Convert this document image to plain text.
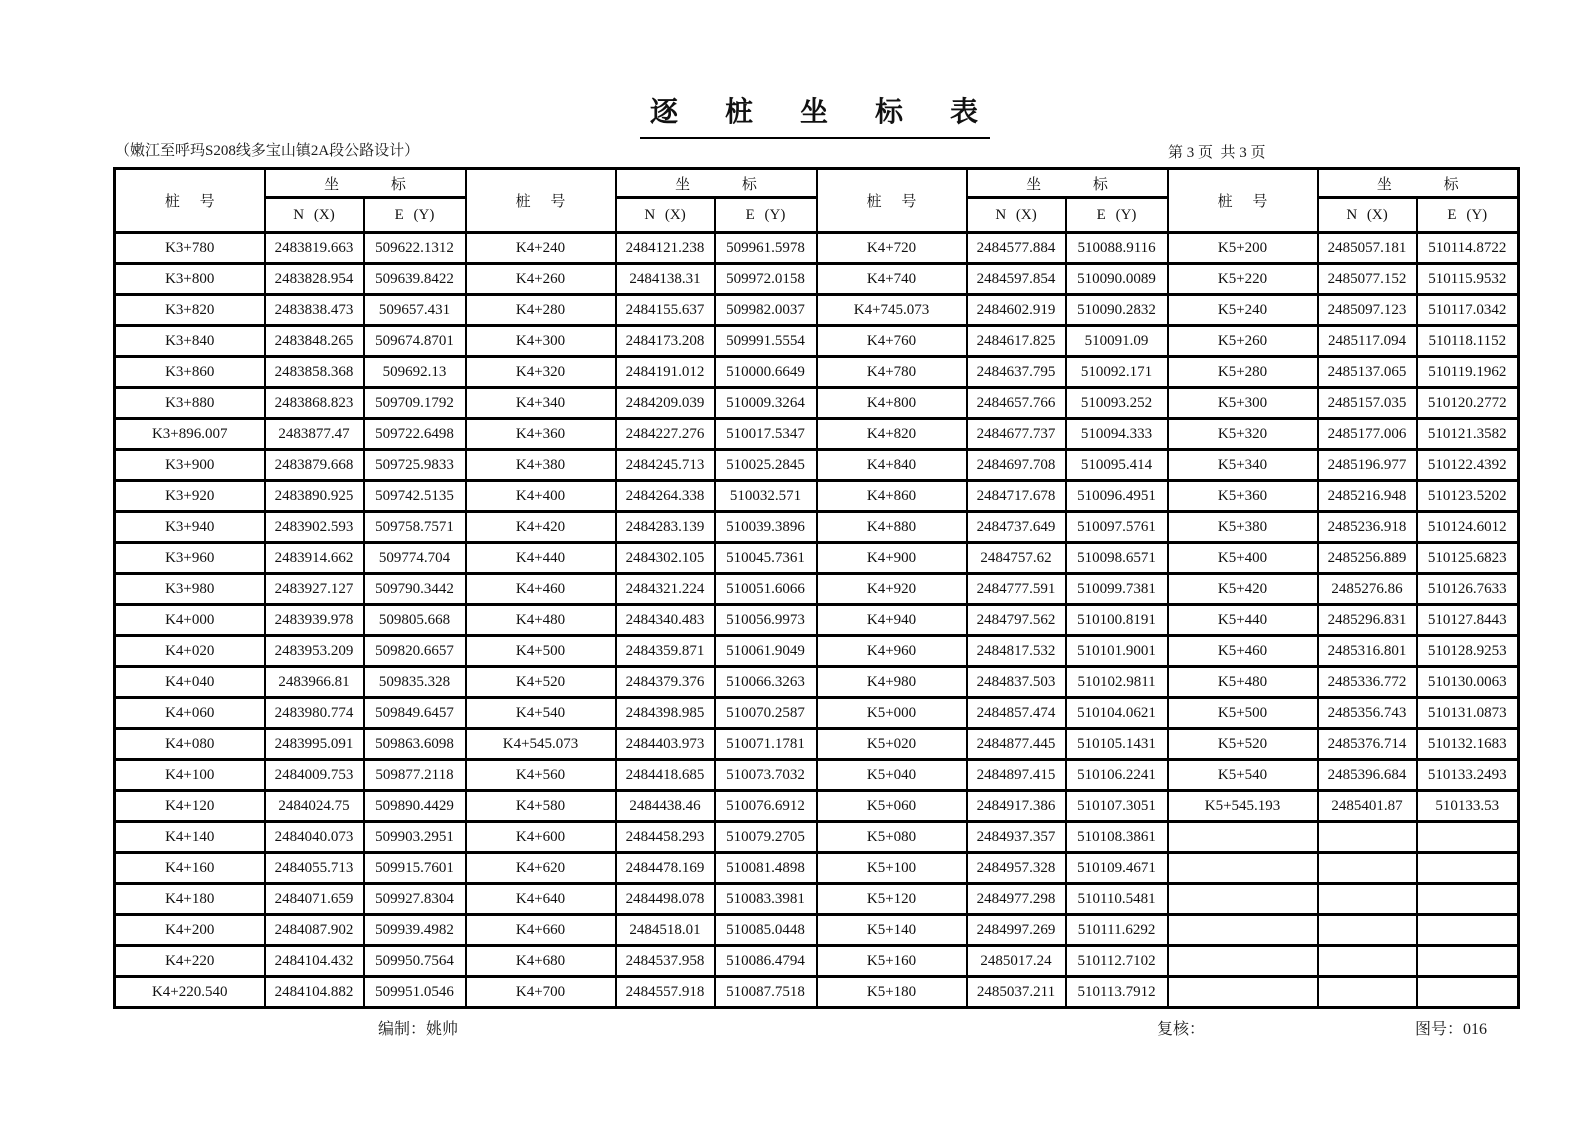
逐 桩 坐 标 表
（嫩江至呼玛S208线多宝山镇2A段公路设计）	第 3 页  共 3 页
桩 号	坐 标		桩 号	坐 标		桩 号	坐 标		桩 号	坐 标	
	N (X)	E (Y)		N (X)	E (Y)		N (X)	E (Y)		N (X)	E (Y)
K3+780	2483819.663	509622.1312	K4+240	2484121.238	509961.5978	K4+720	2484577.884	510088.9116	K5+200	2485057.181	510114.8722
K3+800	2483828.954	509639.8422	K4+260	2484138.31	509972.0158	K4+740	2484597.854	510090.0089	K5+220	2485077.152	510115.9532
K3+820	2483838.473	509657.431	K4+280	2484155.637	509982.0037	K4+745.073	2484602.919	510090.2832	K5+240	2485097.123	510117.0342
K3+840	2483848.265	509674.8701	K4+300	2484173.208	509991.5554	K4+760	2484617.825	510091.09	K5+260	2485117.094	510118.1152
K3+860	2483858.368	509692.13	K4+320	2484191.012	510000.6649	K4+780	2484637.795	510092.171	K5+280	2485137.065	510119.1962
K3+880	2483868.823	509709.1792	K4+340	2484209.039	510009.3264	K4+800	2484657.766	510093.252	K5+300	2485157.035	510120.2772
K3+896.007	2483877.47	509722.6498	K4+360	2484227.276	510017.5347	K4+820	2484677.737	510094.333	K5+320	2485177.006	510121.3582
K3+900	2483879.668	509725.9833	K4+380	2484245.713	510025.2845	K4+840	2484697.708	510095.414	K5+340	2485196.977	510122.4392
K3+920	2483890.925	509742.5135	K4+400	2484264.338	510032.571	K4+860	2484717.678	510096.4951	K5+360	2485216.948	510123.5202
K3+940	2483902.593	509758.7571	K4+420	2484283.139	510039.3896	K4+880	2484737.649	510097.5761	K5+380	2485236.918	510124.6012
K3+960	2483914.662	509774.704	K4+440	2484302.105	510045.7361	K4+900	2484757.62	510098.6571	K5+400	2485256.889	510125.6823
K3+980	2483927.127	509790.3442	K4+460	2484321.224	510051.6066	K4+920	2484777.591	510099.7381	K5+420	2485276.86	510126.7633
K4+000	2483939.978	509805.668	K4+480	2484340.483	510056.9973	K4+940	2484797.562	510100.8191	K5+440	2485296.831	510127.8443
K4+020	2483953.209	509820.6657	K4+500	2484359.871	510061.9049	K4+960	2484817.532	510101.9001	K5+460	2485316.801	510128.9253
K4+040	2483966.81	509835.328	K4+520	2484379.376	510066.3263	K4+980	2484837.503	510102.9811	K5+480	2485336.772	510130.0063
K4+060	2483980.774	509849.6457	K4+540	2484398.985	510070.2587	K5+000	2484857.474	510104.0621	K5+500	2485356.743	510131.0873
K4+080	2483995.091	509863.6098	K4+545.073	2484403.973	510071.1781	K5+020	2484877.445	510105.1431	K5+520	2485376.714	510132.1683
K4+100	2484009.753	509877.2118	K4+560	2484418.685	510073.7032	K5+040	2484897.415	510106.2241	K5+540	2485396.684	510133.2493
K4+120	2484024.75	509890.4429	K4+580	2484438.46	510076.6912	K5+060	2484917.386	510107.3051	K5+545.193	2485401.87	510133.53
K4+140	2484040.073	509903.2951	K4+600	2484458.293	510079.2705	K5+080	2484937.357	510108.3861			
K4+160	2484055.713	509915.7601	K4+620	2484478.169	510081.4898	K5+100	2484957.328	510109.4671			
K4+180	2484071.659	509927.8304	K4+640	2484498.078	510083.3981	K5+120	2484977.298	510110.5481			
K4+200	2484087.902	509939.4982	K4+660	2484518.01	510085.0448	K5+140	2484997.269	510111.6292			
K4+220	2484104.432	509950.7564	K4+680	2484537.958	510086.4794	K5+160	2485017.24	510112.7102			
K4+220.540	2484104.882	509951.0546	K4+700	2484557.918	510087.7518	K5+180	2485037.211	510113.7912			
编制：姚帅	复核：	图号：016
